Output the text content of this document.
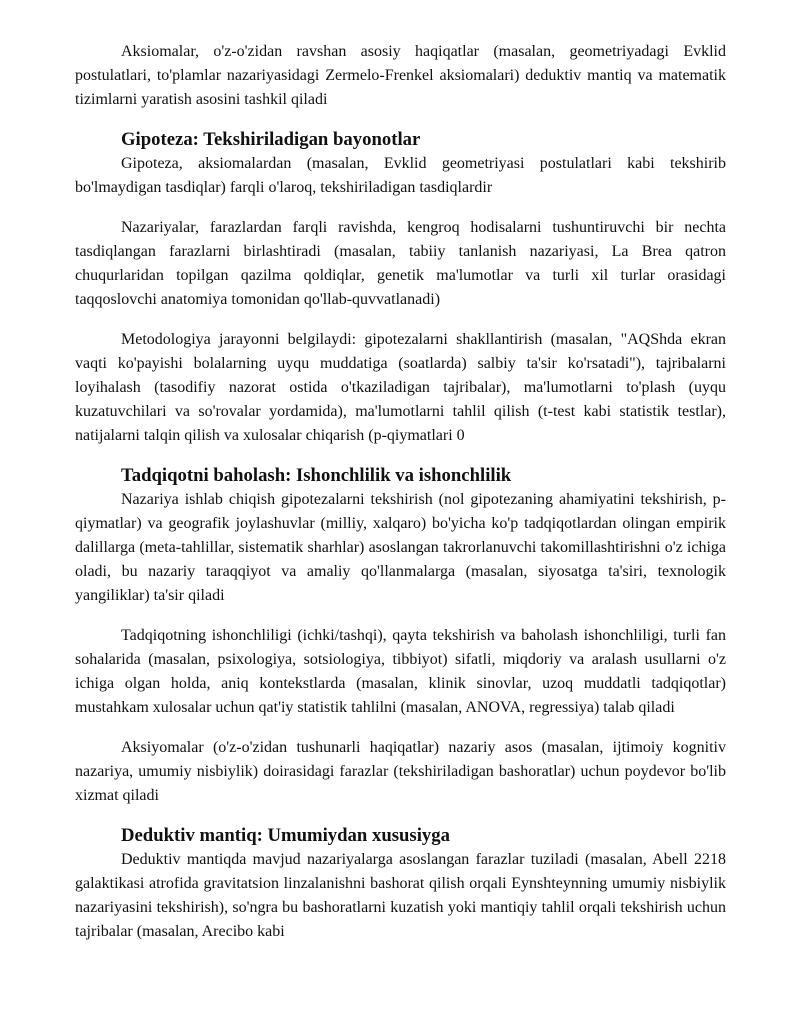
Aksiomalar, o'z-o'zidan ravshan asosiy haqiqatlar (masalan, geometriyadagi Evklid postulatlari, to'plamlar nazariyasidagi Zermelo-Frenkel aksiomalari) deduktiv mantiq va matematik tizimlarni yaratish asosini tashkil qiladi

Gipoteza: Tekshiriladigan bayonotlar

Gipoteza, aksiomalardan (masalan, Evklid geometriyasi postulatlari kabi tekshirib bo'lmaydigan tasdiqlar) farqli o'laroq, tekshiriladigan tasdiqlardir

Nazariyalar, farazlardan farqli ravishda, kengroq hodisalarni tushuntiruvchi bir nechta tasdiqlangan farazlarni birlashtiradi (masalan, tabiiy tanlanish nazariyasi, La Brea qatron chuqurlaridan topilgan qazilma qoldiqlar, genetik ma'lumotlar va turli xil turlar orasidagi taqqoslovchi anatomiya tomonidan qo'llab-quvvatlanadi)

Metodologiya jarayonni belgilaydi: gipotezalarni shakllantirish (masalan, "AQShda ekran vaqti ko'payishi bolalarning uyqu muddatiga (soatlarda) salbiy ta'sir ko'rsatadi"), tajribalarni loyihalash (tasodifiy nazorat ostida o'tkaziladigan tajribalar), ma'lumotlarni to'plash (uyqu kuzatuvchilari va so'rovalar yordamida), ma'lumotlarni tahlil qilish (t-test kabi statistik testlar), natijalarni talqin qilish va xulosalar chiqarish (p-qiymatlari 0

Tadqiqotni baholash: Ishonchlilik va ishonchlilik

Nazariya ishlab chiqish gipotezalarni tekshirish (nol gipotezaning ahamiyatini tekshirish, p-qiymatlar) va geografik joylashuvlar (milliy, xalqaro) bo'yicha ko'p tadqiqotlardan olingan empirik dalillarga (meta-tahlillar, sistematik sharhlar) asoslangan takrorlanuvchi takomillashtirishni o'z ichiga oladi, bu nazariy taraqqiyot va amaliy qo'llanmalarga (masalan, siyosatga ta'siri, texnologik yangiliklar) ta'sir qiladi

Tadqiqotning ishonchliligi (ichki/tashqi), qayta tekshirish va baholash ishonchliligi, turli fan sohalarida (masalan, psixologiya, sotsiologiya, tibbiyot) sifatli, miqdoriy va aralash usullarni o'z ichiga olgan holda, aniq kontekstlarda (masalan, klinik sinovlar, uzoq muddatli tadqiqotlar) mustahkam xulosalar uchun qat'iy statistik tahlilni (masalan, ANOVA, regressiya) talab qiladi

Aksiyomalar (o'z-o'zidan tushunarli haqiqatlar) nazariy asos (masalan, ijtimoiy kognitiv nazariya, umumiy nisbiylik) doirasidagi farazlar (tekshiriladigan bashoratlar) uchun poydevor bo'lib xizmat qiladi

Deduktiv mantiq: Umumiydan xususiyga

Deduktiv mantiqda mavjud nazariyalarga asoslangan farazlar tuziladi (masalan, Abell 2218 galaktikasi atrofida gravitatsion linzalanishni bashorat qilish orqali Eynshteynning umumiy nisbiylik nazariyasini tekshirish), so'ngra bu bashoratlarni kuzatish yoki mantiqiy tahlil orqali tekshirish uchun tajribalar (masalan, Arecibo kabi
